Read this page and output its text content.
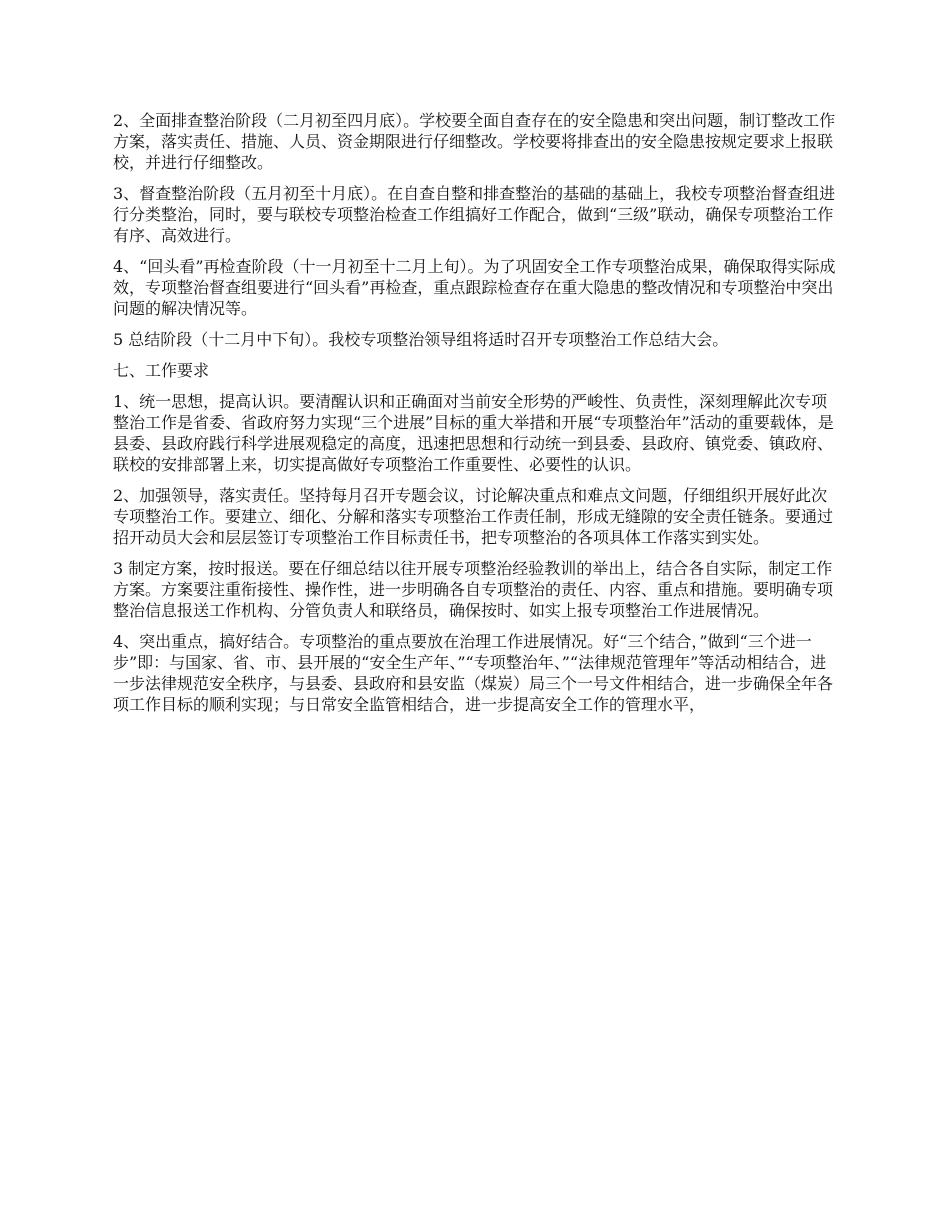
2、全面排查整治阶段（二月初至四月底）。学校要全面自查存在的安全隐患和突出问题，制订整改工作方案，落实责任、措施、人员、资金期限进行仔细整改。学校要将排查出的安全隐患按规定要求上报联校，并进行仔细整改。

3、督查整治阶段（五月初至十月底）。在自查自整和排查整治的基础的基础上，我校专项整治督查组进行分类整治，同时，要与联校专项整治检查工作组搞好工作配合，做到“三级”联动，确保专项整治工作有序、高效进行。

4、“回头看”再检查阶段（十一月初至十二月上旬）。为了巩固安全工作专项整治成果，确保取得实际成效，专项整治督查组要进行“回头看”再检查，重点跟踪检查存在重大隐患的整改情况和专项整治中突出问题的解决情况等。

5 总结阶段（十二月中下旬）。我校专项整治领导组将适时召开专项整治工作总结大会。

七、工作要求

1、统一思想，提高认识。要清醒认识和正确面对当前安全形势的严峻性、负责性，深刻理解此次专项整治工作是省委、省政府努力实现“三个进展”目标的重大举措和开展“专项整治年”活动的重要载体，是县委、县政府践行科学进展观稳定的高度，迅速把思想和行动统一到县委、县政府、镇党委、镇政府、联校的安排部署上来，切实提高做好专项整治工作重要性、必要性的认识。

2、加强领导，落实责任。坚持每月召开专题会议，讨论解决重点和难点文问题，仔细组织开展好此次专项整治工作。要建立、细化、分解和落实专项整治工作责任制，形成无缝隙的安全责任链条。要通过招开动员大会和层层签订专项整治工作目标责任书，把专项整治的各项具体工作落实到实处。

3 制定方案，按时报送。要在仔细总结以往开展专项整治经验教训的举出上，结合各自实际，制定工作方案。方案要注重衔接性、操作性，进一步明确各自专项整治的责任、内容、重点和措施。要明确专项整治信息报送工作机构、分管负责人和联络员，确保按时、如实上报专项整治工作进展情况。

4、突出重点，搞好结合。专项整治的重点要放在治理工作进展情况。好“三个结合，”做到“三个进一步”即：与国家、省、市、县开展的“安全生产年、”“专项整治年、”“法律规范管理年”等活动相结合，进一步法律规范安全秩序，与县委、县政府和县安监（煤炭）局三个一号文件相结合，进一步确保全年各项工作目标的顺利实现；与日常安全监管相结合，进一步提高安全工作的管理水平，
